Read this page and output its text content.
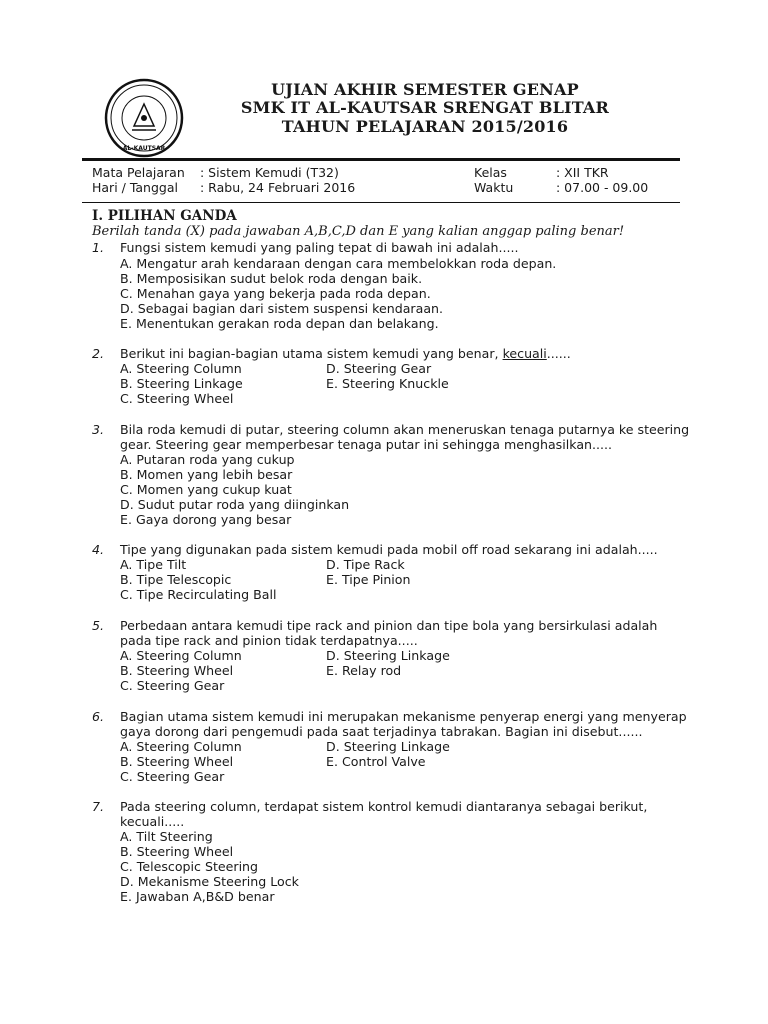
AL-KAUTSAR
UJIAN AKHIR SEMESTER GENAP
SMK IT AL-KAUTSAR SRENGAT BLITAR
TAHUN PELAJARAN 2015/2016
Mata Pelajaran : Sistem Kemudi (T32)
Hari / Tanggal : Rabu, 24 Februari 2016
Kelas	: XII TKR
Waktu	: 07.00 - 09.00
I. PILIHAN GANDA
Berilah tanda (X) pada jawaban A,B,C,D dan E yang kalian anggap paling benar!
1. Fungsi sistem kemudi yang paling tepat di bawah ini adalah.....
A. Mengatur arah kendaraan dengan cara membelokkan roda depan.
B. Memposisikan sudut belok roda dengan baik.
C. Menahan gaya yang bekerja pada roda depan.
D. Sebagai bagian dari sistem suspensi kendaraan.
E. Menentukan gerakan roda depan dan belakang.
2. Berikut ini bagian-bagian utama sistem kemudi yang benar, kecuali......
A. Steering Column
B. Steering Linkage
C. Steering Wheel
D. Steering Gear
E. Steering Knuckle
3. Bila roda kemudi di putar, steering column akan meneruskan tenaga putarnya ke steering
gear. Steering gear memperbesar tenaga putar ini sehingga menghasilkan.....
A. Putaran roda yang cukup
B. Momen yang lebih besar
C. Momen yang cukup kuat
D. Sudut putar roda yang diinginkan
E. Gaya dorong yang besar
4. Tipe yang digunakan pada sistem kemudi pada mobil off road sekarang ini adalah.....
A. Tipe Tilt
B. Tipe Telescopic
C. Tipe Recirculating Ball
D. Tipe Rack
E. Tipe Pinion
5. Perbedaan antara kemudi tipe rack and pinion dan tipe bola yang bersirkulasi adalah
pada tipe rack and pinion tidak terdapatnya.....
A. Steering Column
B. Steering Wheel
C. Steering Gear
D. Steering Linkage
E. Relay rod
6. Bagian utama sistem kemudi ini merupakan mekanisme penyerap energi yang menyerap
gaya dorong dari pengemudi pada saat terjadinya tabrakan. Bagian ini disebut......
A. Steering Column
B. Steering Wheel
C. Steering Gear
D. Steering Linkage
E. Control Valve
7. Pada steering column, terdapat sistem kontrol kemudi diantaranya sebagai berikut,
kecuali.....
A. Tilt Steering
B. Steering Wheel
C. Telescopic Steering
D. Mekanisme Steering Lock
E. Jawaban A,B&D benar
